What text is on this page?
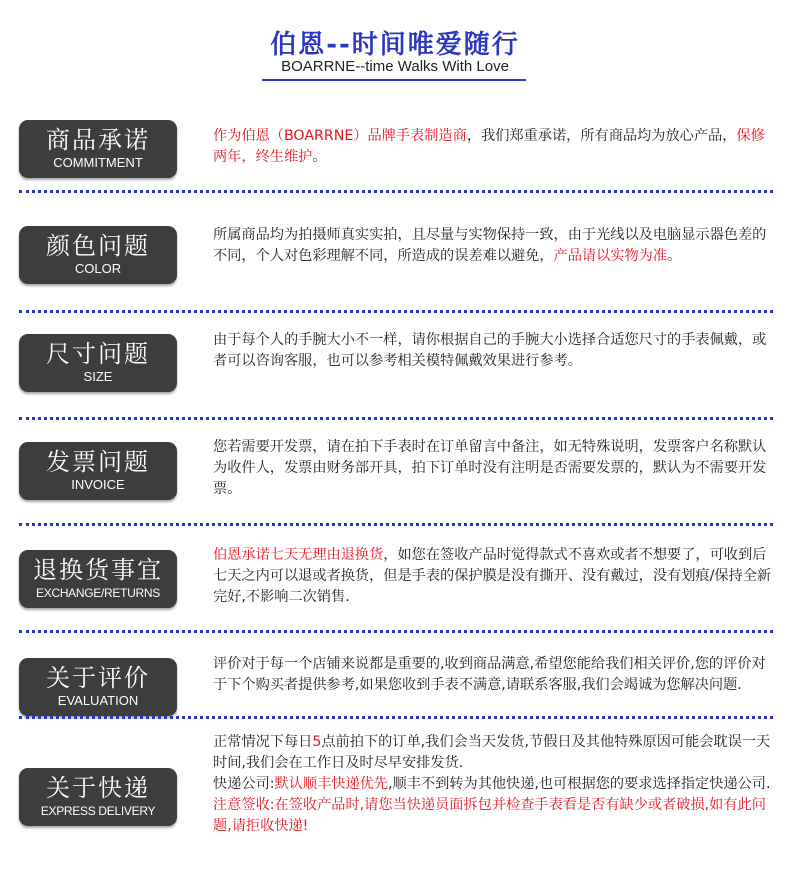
伯恩--时间唯爱随行
BOARRNE--time Walks With Love
商品承诺
COMMITMENT
作为伯恩（BOARRNE）品牌手表制造商，我们郑重承诺，所有商品均为放心产品，保修两年，终生维护。
颜色问题
COLOR
所属商品均为拍摄师真实实拍，且尽量与实物保持一致，由于光线以及电脑显示器色差的不同，个人对色彩理解不同，所造成的误差难以避免，产品请以实物为准。
尺寸问题
SIZE
由于每个人的手腕大小不一样，请你根据自己的手腕大小选择合适您尺寸的手表佩戴，或者可以咨询客服，也可以参考相关模特佩戴效果进行参考。
发票问题
INVOICE
您若需要开发票，请在拍下手表时在订单留言中备注，如无特殊说明，发票客户名称默认为收件人，发票由财务部开具，拍下订单时没有注明是否需要发票的，默认为不需要开发票。
退换货事宜
EXCHANGE/RETURNS
伯恩承诺七天无理由退换货，如您在签收产品时觉得款式不喜欢或者不想要了，可收到后七天之内可以退或者换货，但是手表的保护膜是没有撕开、没有戴过，没有划痕/保持全新完好,不影响二次销售.
关于评价
EVALUATION
评价对于每一个店铺来说都是重要的,收到商品满意,希望您能给我们相关评价,您的评价对于下个购买者提供参考,如果您收到手表不满意,请联系客服,我们会竭诚为您解决问题.
关于快递
EXPRESS DELIVERY
正常情况下每日5点前拍下的订单,我们会当天发货,节假日及其他特殊原因可能会耽误一天时间,我们会在工作日及时尽早安排发货.
快递公司:默认顺丰快递优先,顺丰不到转为其他快递,也可根据您的要求选择指定快递公司.
注意签收:在签收产品时,请您当快递员面拆包并检查手表看是否有缺少或者破损,如有此问题,请拒收快递!
